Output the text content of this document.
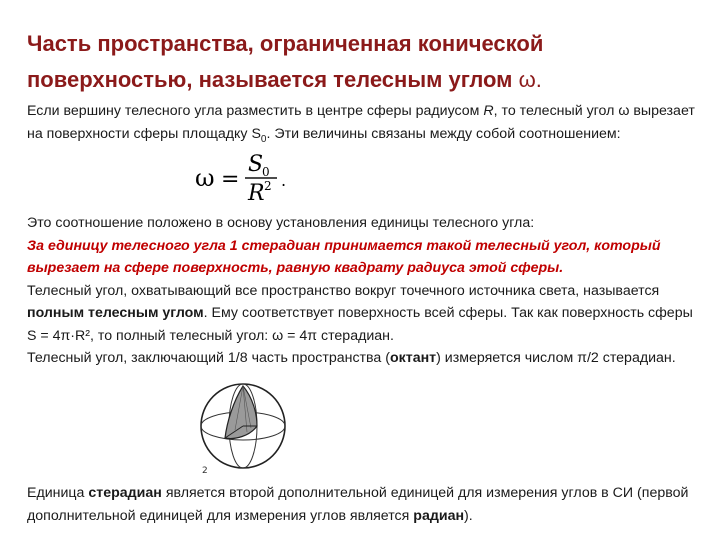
Часть пространства, ограниченная конической
поверхностью, называется телесным углом ω.
Если вершину телесного угла разместить в центре сферы радиусом R, то телесный угол ω вырезает на поверхности сферы площадку $S_0$. Эти величины связаны между собой соотношением:
ω =
S
0
R 2 .
Это соотношение положено в основу установления единицы телесного угла:
За единицу телесного угла 1 стерадиан принимается такой телесный угол, который вырезает на сфере поверхность, равную квадрату радиуса этой сферы.
Телесный угол, охватывающий все пространство вокруг точечного источника света, называется полным телесным углом. Ему соответствует поверхность всей сферы. Так как поверхность сферы S = 4π·R², то полный телесный угол: ω = 4π стерадиан.
Телесный угол, заключающий 1/8 часть пространства (октант) измеряется числом π/2 стерадиан.
2
Единица стерадиан является второй дополнительной единицей для измерения углов в СИ (первой дополнительной единицей для измерения углов является радиан).
